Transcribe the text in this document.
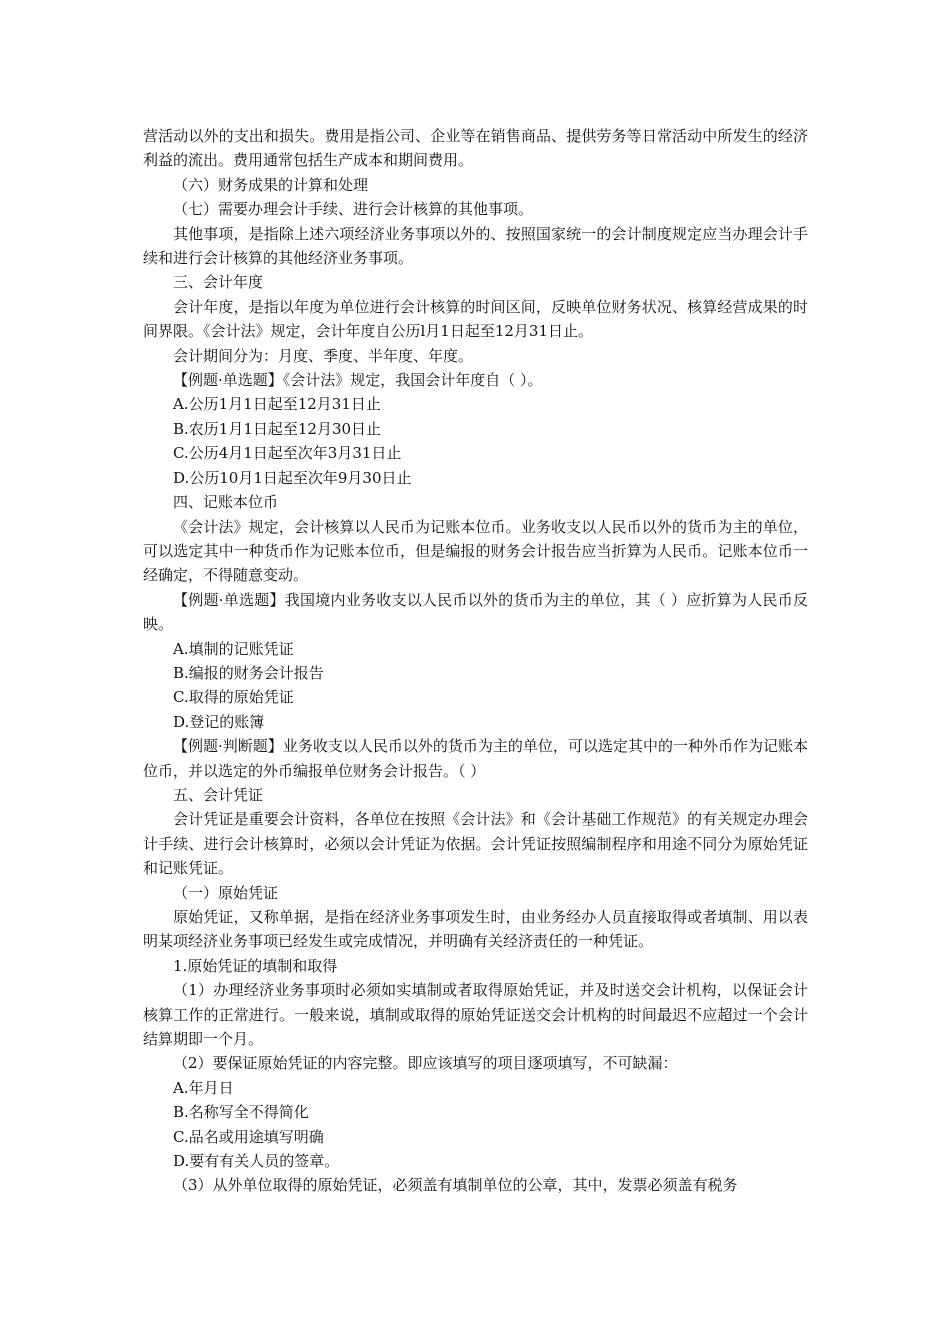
营活动以外的支出和损失。费用是指公司、企业等在销售商品、提供劳务等日常活动中所发生的经济利益的流出。费用通常包括生产成本和期间费用。

（六）财务成果的计算和处理

（七）需要办理会计手续、进行会计核算的其他事项。

其他事项，是指除上述六项经济业务事项以外的、按照国家统一的会计制度规定应当办理会计手续和进行会计核算的其他经济业务事项。

三、会计年度

会计年度，是指以年度为单位进行会计核算的时间区间，反映单位财务状况、核算经营成果的时间界限。《会计法》规定，会计年度自公历l月1日起至12月31日止。

会计期间分为：月度、季度、半年度、年度。

【例题·单选题】《会计法》规定，我国会计年度自（ ）。

A.公历1月1日起至12月31日止

B.农历1月1日起至12月30日止

C.公历4月1日起至次年3月31日止

D.公历10月1日起至次年9月30日止

四、记账本位币

《会计法》规定，会计核算以人民币为记账本位币。业务收支以人民币以外的货币为主的单位，可以选定其中一种货币作为记账本位币，但是编报的财务会计报告应当折算为人民币。记账本位币一经确定，不得随意变动。

【例题·单选题】我国境内业务收支以人民币以外的货币为主的单位，其（ ）应折算为人民币反映。

A.填制的记账凭证

B.编报的财务会计报告

C.取得的原始凭证

D.登记的账簿

【例题·判断题】业务收支以人民币以外的货币为主的单位，可以选定其中的一种外币作为记账本位币，并以选定的外币编报单位财务会计报告。（ ）

五、会计凭证

会计凭证是重要会计资料，各单位在按照《会计法》和《会计基础工作规范》的有关规定办理会计手续、进行会计核算时，必须以会计凭证为依据。会计凭证按照编制程序和用途不同分为原始凭证和记账凭证。

（一）原始凭证

原始凭证，又称单据，是指在经济业务事项发生时，由业务经办人员直接取得或者填制、用以表明某项经济业务事项已经发生或完成情况，并明确有关经济责任的一种凭证。

1.原始凭证的填制和取得

（1）办理经济业务事项时必须如实填制或者取得原始凭证，并及时送交会计机构，以保证会计核算工作的正常进行。一般来说，填制或取得的原始凭证送交会计机构的时间最迟不应超过一个会计结算期即一个月。

（2）要保证原始凭证的内容完整。即应该填写的项目逐项填写，不可缺漏：

A.年月日

B.名称写全不得简化

C.品名或用途填写明确

D.要有有关人员的签章。

（3）从外单位取得的原始凭证，必须盖有填制单位的公章，其中，发票必须盖有税务
